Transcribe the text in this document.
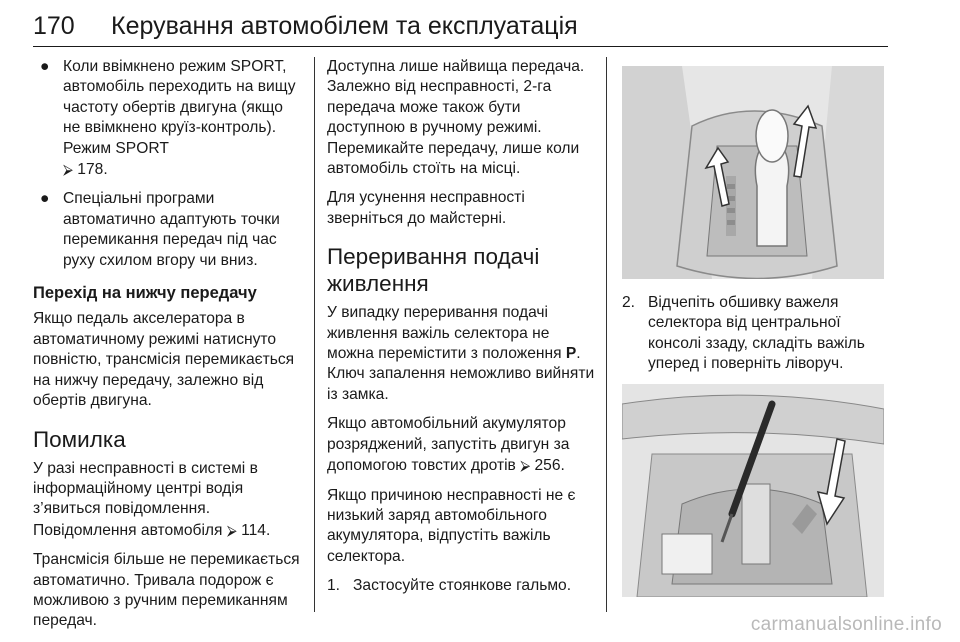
170 Керування автомобілем та експлуатація
● Коли ввімкнено режим SPORT, автомобіль переходить на вищу частоту обертів двигуна (якщо не ввімкнено круїз-контроль). Режим SPORT
⮚ 178.
● Спеціальні програми автоматично адаптують точки перемикання передач під час руху схилом вгору чи вниз.
Перехід на нижчу передачу

Якщо педаль акселератора в автоматичному режимі натиснуто повністю, трансмісія перемикається на нижчу передачу, залежно від обертів двигуна.

Помилка

У разі несправності в системі в інформаційному центрі водія з’явиться повідомлення. Повідомлення автомобіля ⮚ 114.

Трансмісія більше не перемикається автоматично. Тривала подорож є можливою з ручним перемиканням передач.

Доступна лише найвища передача. Залежно від несправності, 2-га передача може також бути доступною в ручному режимі. Перемикайте передачу, лише коли автомобіль стоїть на місці.

Для усунення несправності зверніться до майстерні.

Переривання подачі живлення

У випадку переривання подачі живлення важіль селектора не можна перемістити з положення P. Ключ запалення неможливо вийняти із замка.

Якщо автомобільний акумулятор розряджений, запустіть двигун за допомогою товстих дротів ⮚ 256.

Якщо причиною несправності не є низький заряд автомобільного акумулятора, відпустіть важіль селектора.

1. Застосуйте стоянкове гальмо.

2. Відчепіть обшивку важеля селектора від центральної консолі ззаду, складіть важіль уперед і поверніть ліворуч.

carmanualsonline.info
